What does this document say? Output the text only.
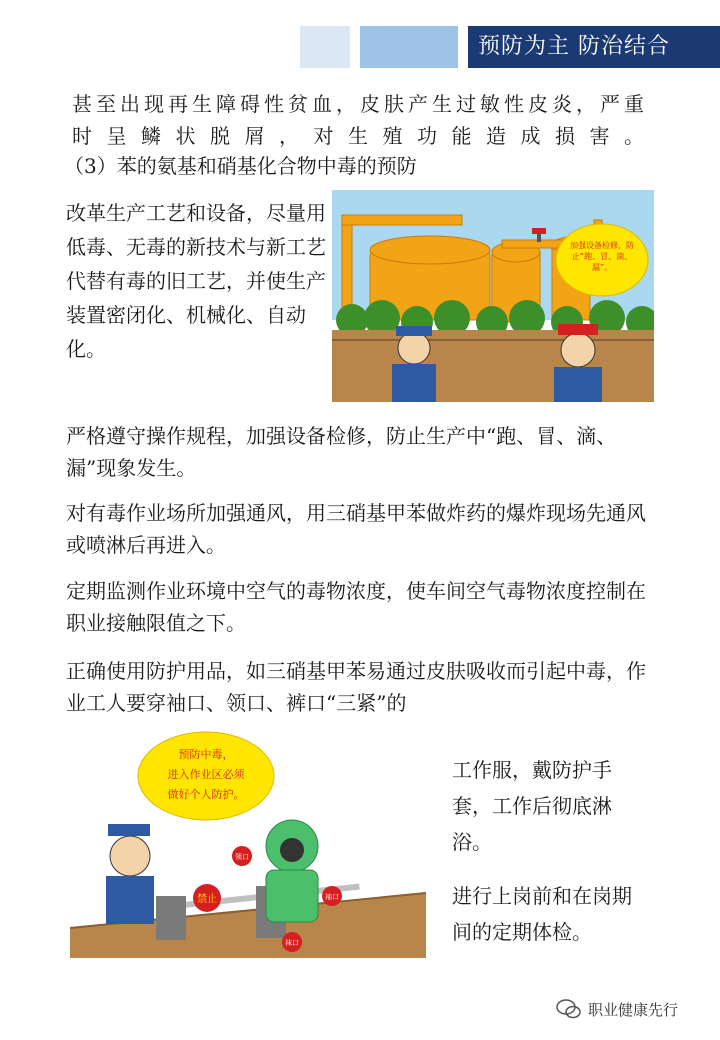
预防为主 防治结合

甚至出现再生障碍性贫血，皮肤产生过敏性皮炎，严重

时呈鳞状脱屑，对生殖功能造成损害。

（3）苯的氨基和硝基化合物中毒的预防

改革生产工艺和设备，尽量用低毒、无毒的新技术与新工艺代替有毒的旧工艺，并使生产装置密闭化、机械化、自动化。

加强设备检修，防止“跑、冒、滴、漏”。

严格遵守操作规程，加强设备检修，防止生产中“跑、冒、滴、漏”现象发生。

对有毒作业场所加强通风，用三硝基甲苯做炸药的爆炸现场先通风或喷淋后再进入。

定期监测作业环境中空气的毒物浓度，使车间空气毒物浓度控制在职业接触限值之下。

正确使用防护用品，如三硝基甲苯易通过皮肤吸收而引起中毒，作业工人要穿袖口、领口、裤口“三紧”的

预防中毒，
进入作业区必须
做好个人防护。
禁止
领口
袖口
袜口

工作服，戴防护手套，工作后彻底淋浴。

进行上岗前和在岗期间的定期体检。

职业健康先行
